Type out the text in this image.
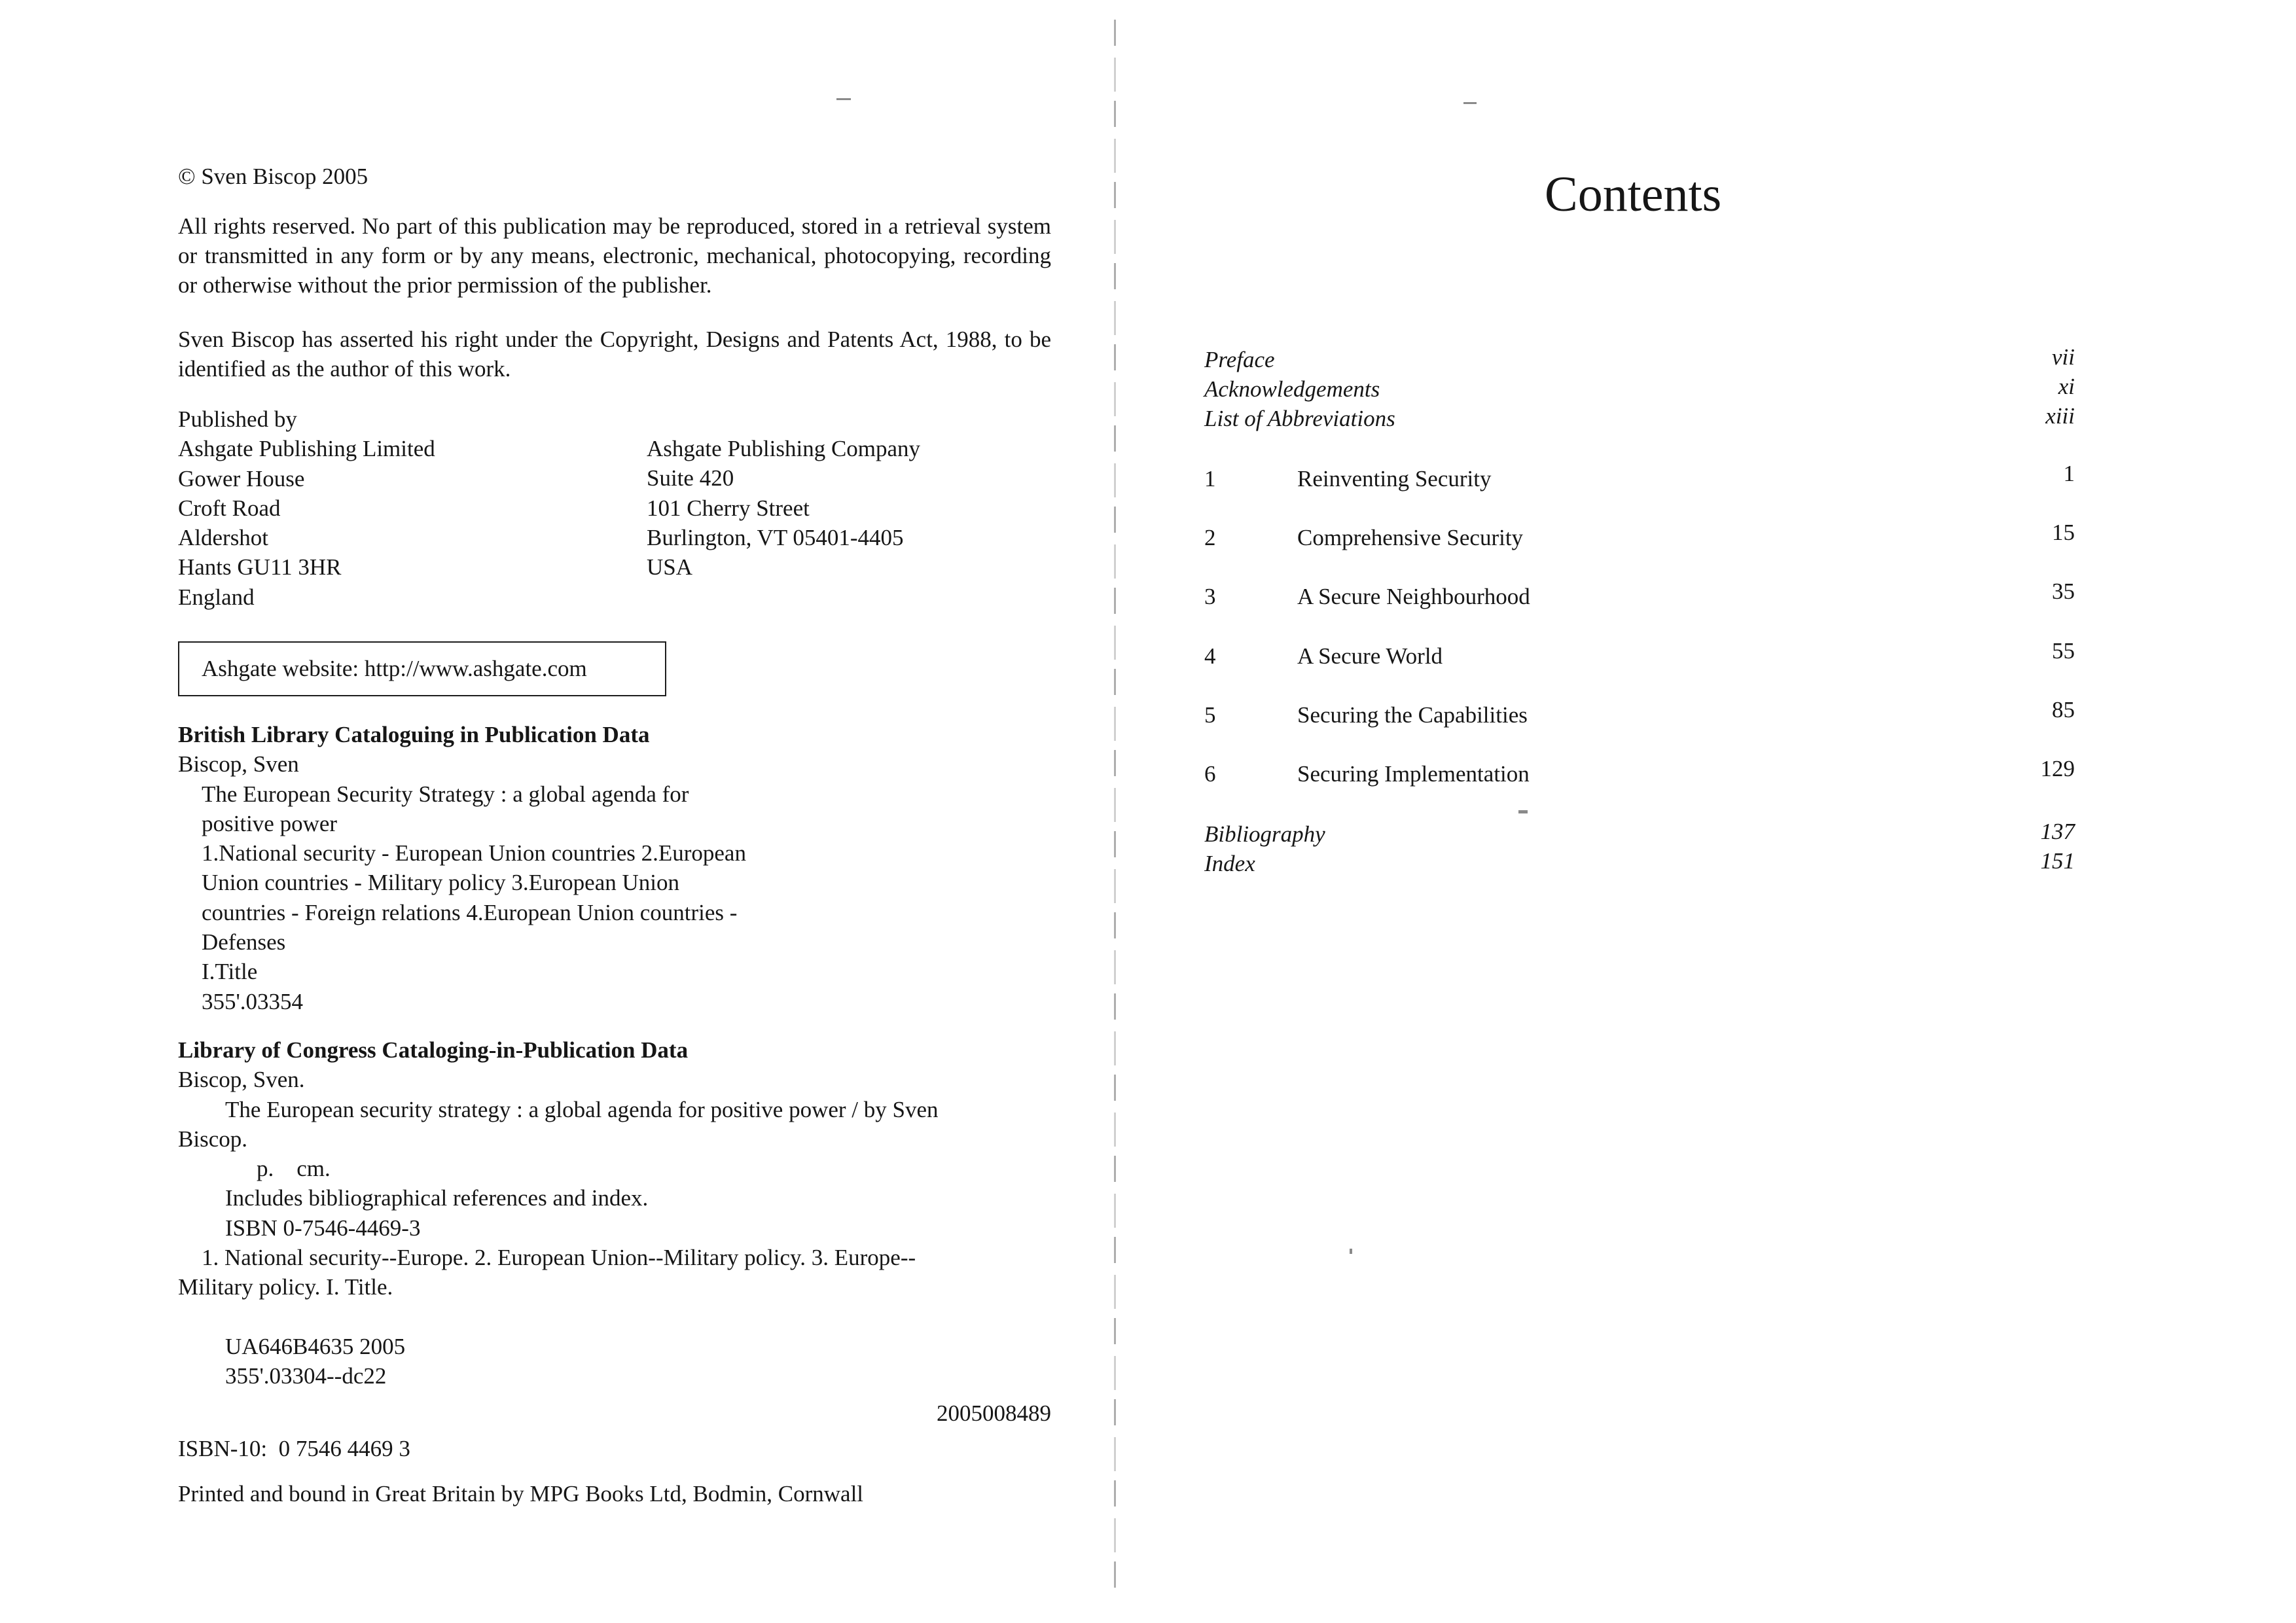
© Sven Biscop 2005

All rights reserved. No part of this publication may be reproduced, stored in a retrieval system or transmitted in any form or by any means, electronic, mechanical, photocopying, recording or otherwise without the prior permission of the publisher.

Sven Biscop has asserted his right under the Copyright, Designs and Patents Act, 1988, to be identified as the author of this work.

Published by
Ashgate Publishing Limited
Gower House
Croft Road
Aldershot
Hants GU11 3HR
England
Ashgate Publishing Company
Suite 420
101 Cherry Street
Burlington, VT 05401-4405
USA
Ashgate website: http://www.ashgate.com
British Library Cataloguing in Publication Data
Biscop, Sven
The European Security Strategy : a global agenda for
positive power
1.National security - European Union countries 2.European
Union countries - Military policy 3.European Union
countries - Foreign relations 4.European Union countries -
Defenses
I.Title
355'.03354
Library of Congress Cataloging-in-Publication Data
Biscop, Sven.
The European security strategy : a global agenda for positive power / by Sven
Biscop.
p.    cm.
Includes bibliographical references and index.
ISBN 0-7546-4469-3
1. National security--Europe. 2. European Union--Military policy. 3. Europe--
Military policy. I. Title.
UA646B4635 2005
355'.03304--dc22
2005008489
ISBN-10:  0 7546 4469 3
Printed and bound in Great Britain by MPG Books Ltd, Bodmin, Cornwall
Contents
Preface	vii
Acknowledgements	xi
List of Abbreviations	xiii
1	Reinventing Security	1
2	Comprehensive Security	15
3	A Secure Neighbourhood	35
4	A Secure World	55
5	Securing the Capabilities	85
6	Securing Implementation	129
Bibliography	137
Index	151
